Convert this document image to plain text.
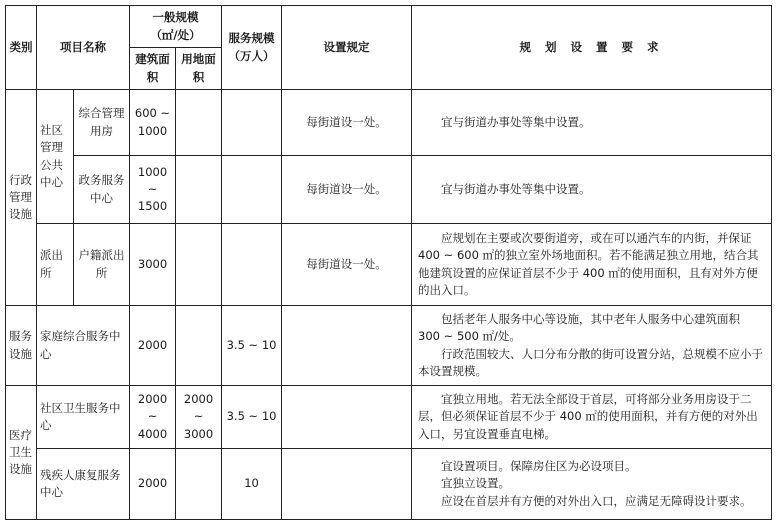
类别	项目名称		一般规模
（㎡/处）		服务规模（万人）	设置规定	规 划 设 置 要 求
			建筑面积	用地面积			
行政管理设施	社区管理公共中心	综合管理用房	600 ~ 1000			每街道设一处。	宜与街道办事处等集中设置。

		政务服务中心	1000 ~ 1500			每街道设一处。	宜与街道办事处等集中设置。

	派出所	户籍派出所	3000			每街道设一处。	应规划在主要或次要街道旁，或在可以通汽车的内街，并保证 400 ~ 600 ㎡的独立室外场地面积。若不能满足独立用地，结合其他建筑设置的应保证首层不少于 400 ㎡的使用面积，且有对外方便的出入口。

服务设施	家庭综合服务中心		2000		3.5 ~ 10		包括老年人服务中心等设施，其中老年人服务中心建筑面积 300 ~ 500 ㎡/处。

行政范围较大、人口分布分散的街可设置分站，总规模不应小于本设置规模。

医疗卫生设施	社区卫生服务中心		2000 ~ 4000	2000 ~ 3000	3.5 ~ 10		宜独立用地。若无法全部设于首层，可将部分业务用房设于二层，但必须保证首层不少于 400 ㎡的使用面积，并有方便的对外出入口，另宜设置垂直电梯。

	残疾人康复服务中心		2000		10		宜设置项目。保障房住区为必设项目。

宜独立设置。

应设在首层并有方便的对外出入口，应满足无障碍设计要求。
